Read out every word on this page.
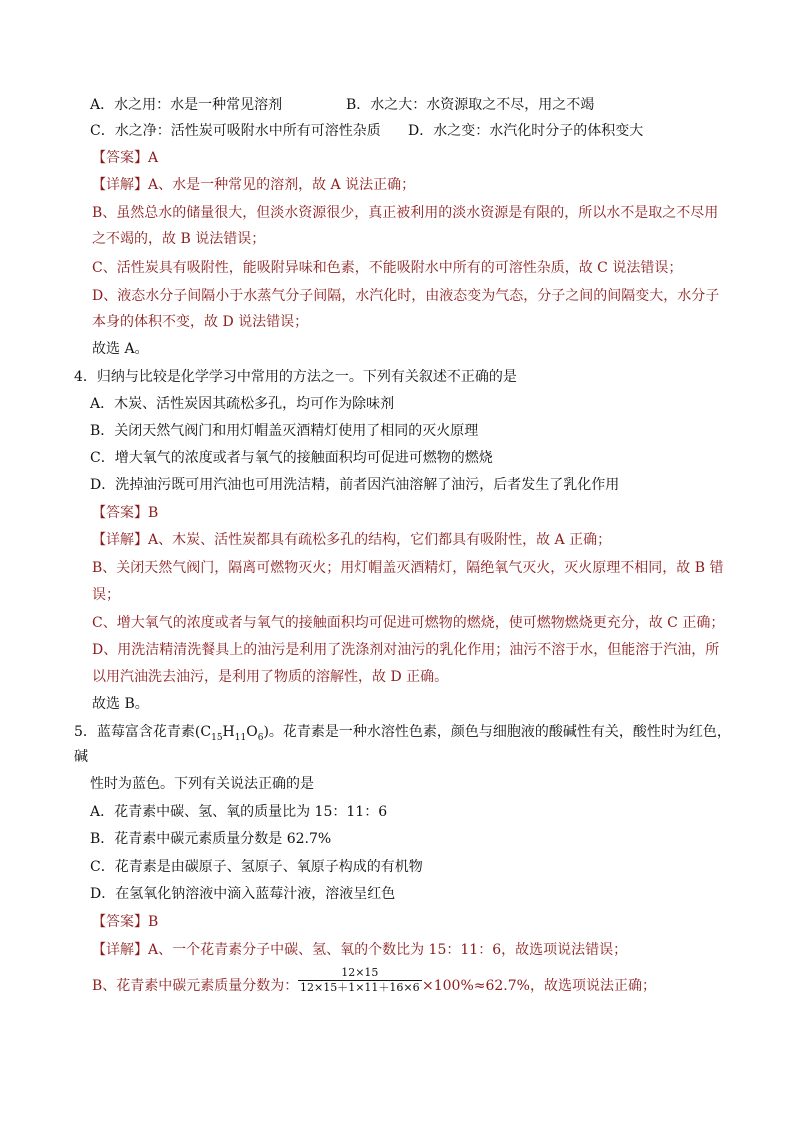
A．水之用：水是一种常见溶剂	B．水之大：水资源取之不尽，用之不竭
C．水之净：活性炭可吸附水中所有可溶性杂质 D．水之变：水汽化时分子的体积变大
【答案】A
【详解】A、水是一种常见的溶剂，故 A 说法正确；
B、虽然总水的储量很大，但淡水资源很少，真正被利用的淡水资源是有限的，所以水不是取之不尽用
之不竭的，故 B 说法错误；
C、活性炭具有吸附性，能吸附异味和色素，不能吸附水中所有的可溶性杂质，故 C 说法错误；
D、液态水分子间隔小于水蒸气分子间隔，水汽化时，由液态变为气态，分子之间的间隔变大，水分子
本身的体积不变，故 D 说法错误；
故选 A。
4．归纳与比较是化学学习中常用的方法之一。下列有关叙述不正确的是
A．木炭、活性炭因其疏松多孔，均可作为除味剂
B．关闭天然气阀门和用灯帽盖灭酒精灯使用了相同的灭火原理
C．增大氧气的浓度或者与氧气的接触面积均可促进可燃物的燃烧
D．洗掉油污既可用汽油也可用洗洁精，前者因汽油溶解了油污，后者发生了乳化作用
【答案】B
【详解】A、木炭、活性炭都具有疏松多孔的结构，它们都具有吸附性，故 A 正确；
B、关闭天然气阀门，隔离可燃物灭火；用灯帽盖灭酒精灯，隔绝氧气灭火，灭火原理不相同，故 B 错
误；
C、增大氧气的浓度或者与氧气的接触面积均可促进可燃物的燃烧，使可燃物燃烧更充分，故 C 正确；
D、用洗洁精清洗餐具上的油污是利用了洗涤剂对油污的乳化作用；油污不溶于水，但能溶于汽油，所
以用汽油洗去油污，是利用了物质的溶解性，故 D 正确。
故选 B。
5．蓝莓富含花青素$(C_{15}H_{11}O_6)$。花青素是一种水溶性色素，颜色与细胞液的酸碱性有关，酸性时为红色，
碱
性时为蓝色。下列有关说法正确的是
A．花青素中碳、氢、氧的质量比为 15：11：6
B．花青素中碳元素质量分数是 62.7%
C．花青素是由碳原子、氢原子、氧原子构成的有机物
D．在氢氧化钠溶液中滴入蓝莓汁液，溶液呈红色
【答案】B
【详解】A、一个花青素分子中碳、氢、氧的个数比为 15：11：6，故选项说法错误；
B、花青素中碳元素质量分数为： $\frac{12\times 15}{12\times 15+1\times 11+16\times 6} \times 100\%\approx 62.7\%$，故选项说法正确；
